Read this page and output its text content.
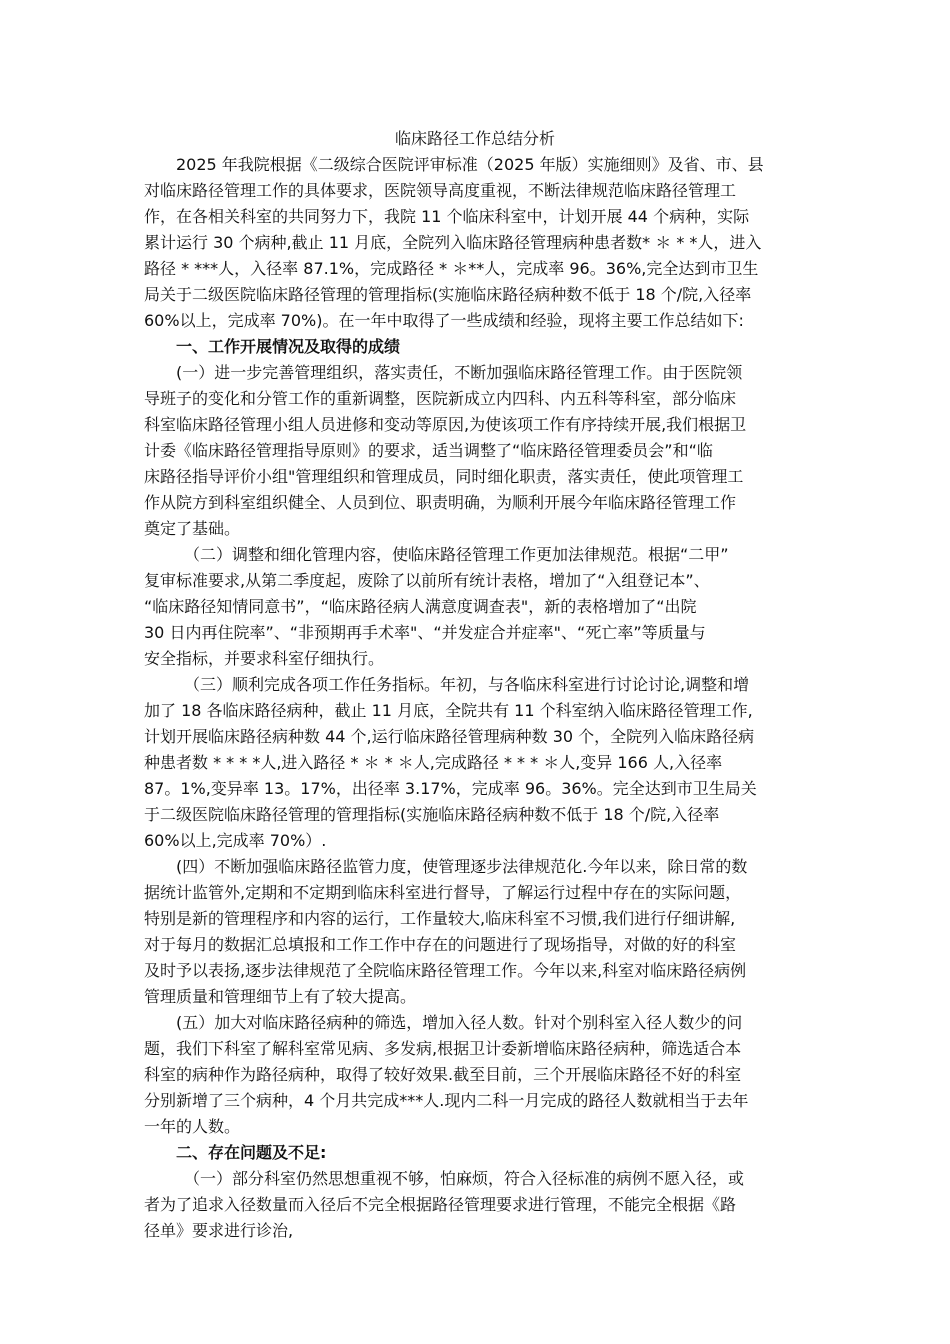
临床路径工作总结分析
2025 年我院根据《二级综合医院评审标准（2025 年版）实施细则》及省、市、县
对临床路径管理工作的具体要求，医院领导高度重视，不断法律规范临床路径管理工
作，在各相关科室的共同努力下，我院 11 个临床科室中，计划开展 44 个病种，实际
累计运行 30 个病种,截止 11 月底，全院列入临床路径管理病种患者数* ＊ * *人，进入
路径 * ***人，入径率 87.1%，完成路径 * ＊**人，完成率 96。36%,完全达到市卫生
局关于二级医院临床路径管理的管理指标(实施临床路径病种数不低于 18 个/院,入径率
60%以上，完成率 70%)。在一年中取得了一些成绩和经验，现将主要工作总结如下:
一、工作开展情况及取得的成绩
(一）进一步完善管理组织，落实责任，不断加强临床路径管理工作。由于医院领
导班子的变化和分管工作的重新调整，医院新成立内四科、内五科等科室，部分临床
科室临床路径管理小组人员进修和变动等原因,为使该项工作有序持续开展,我们根据卫
计委《临床路径管理指导原则》的要求，适当调整了“临床路径管理委员会”和“临
床路径指导评价小组"管理组织和管理成员，同时细化职责，落实责任，使此项管理工
作从院方到科室组织健全、人员到位、职责明确，为顺利开展今年临床路径管理工作
奠定了基础。
（二）调整和细化管理内容，使临床路径管理工作更加法律规范。根据“二甲”
复审标准要求,从第二季度起，废除了以前所有统计表格，增加了“入组登记本”、
“临床路径知情同意书”，“临床路径病人满意度调查表"，新的表格增加了“出院
30 日内再住院率”、“非预期再手术率"、“并发症合并症率"、“死亡率”等质量与
安全指标，并要求科室仔细执行。
（三）顺利完成各项工作任务指标。年初，与各临床科室进行讨论讨论,调整和增
加了 18 各临床路径病种，截止 11 月底，全院共有 11 个科室纳入临床路径管理工作,
计划开展临床路径病种数 44 个,运行临床路径管理病种数 30 个，全院列入临床路径病
种患者数 * * * *人,进入路径 * ＊ * ＊人,完成路径 * * * ＊人,变异 166 人,入径率
87。1%,变异率 13。17%，出径率 3.17%，完成率 96。36%。完全达到市卫生局关
于二级医院临床路径管理的管理指标(实施临床路径病种数不低于 18 个/院,入径率
60%以上,完成率 70%）.
(四）不断加强临床路径监管力度，使管理逐步法律规范化.今年以来，除日常的数
据统计监管外,定期和不定期到临床科室进行督导，了解运行过程中存在的实际问题，
特别是新的管理程序和内容的运行，工作量较大,临床科室不习惯,我们进行仔细讲解,
对于每月的数据汇总填报和工作工作中存在的问题进行了现场指导，对做的好的科室
及时予以表扬,逐步法律规范了全院临床路径管理工作。今年以来,科室对临床路径病例
管理质量和管理细节上有了较大提高。
(五）加大对临床路径病种的筛选，增加入径人数。针对个别科室入径人数少的问
题，我们下科室了解科室常见病、多发病,根据卫计委新增临床路径病种，筛选适合本
科室的病种作为路径病种，取得了较好效果.截至目前，三个开展临床路径不好的科室
分别新增了三个病种，4 个月共完成***人.现内二科一月完成的路径人数就相当于去年
一年的人数。
二、存在问题及不足:
（一）部分科室仍然思想重视不够，怕麻烦，符合入径标准的病例不愿入径，或
者为了追求入径数量而入径后不完全根据路径管理要求进行管理，不能完全根据《路
径单》要求进行诊治,
